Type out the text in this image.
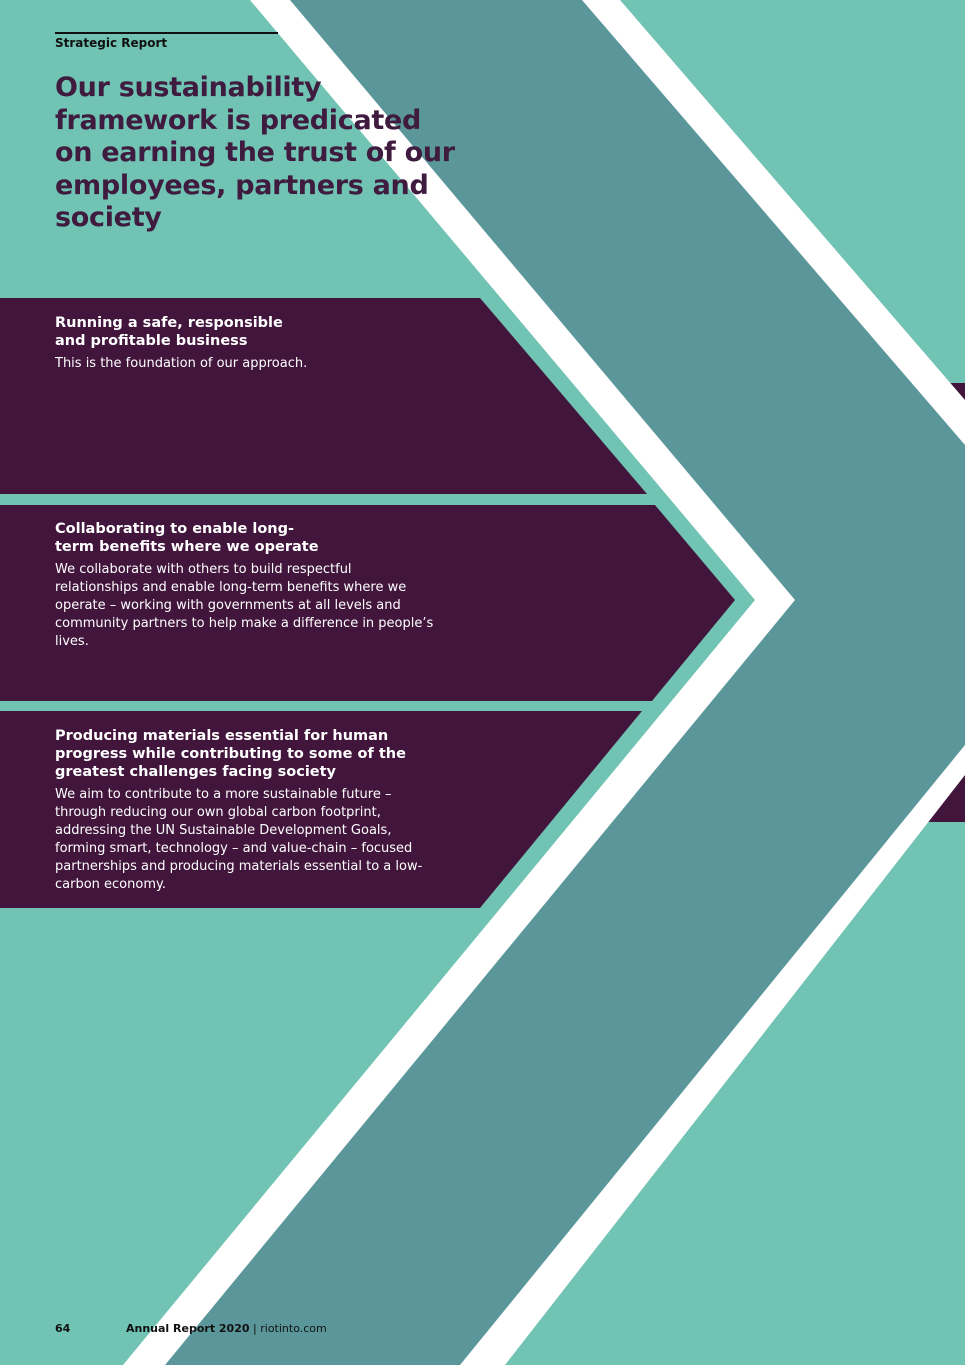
Strategic Report
Our sustainability framework is predicated on earning the trust of our employees, partners and society
Running a safe, responsible and profitable business

This is the foundation of our approach.

Collaborating to enable long-term benefits where we operate

We collaborate with others to build respectful relationships and enable long-term benefits where we operate – working with governments at all levels and community partners to help make a difference in people’s lives.

Producing materials essential for human progress while contributing to some of the greatest challenges facing society

We aim to contribute to a more sustainable future – through reducing our own global carbon footprint, addressing the UN Sustainable Development Goals, forming smart, technology – and value-chain – focused partnerships and producing materials essential to a low-carbon economy.

64	Annual Report 2020 | riotinto.com
